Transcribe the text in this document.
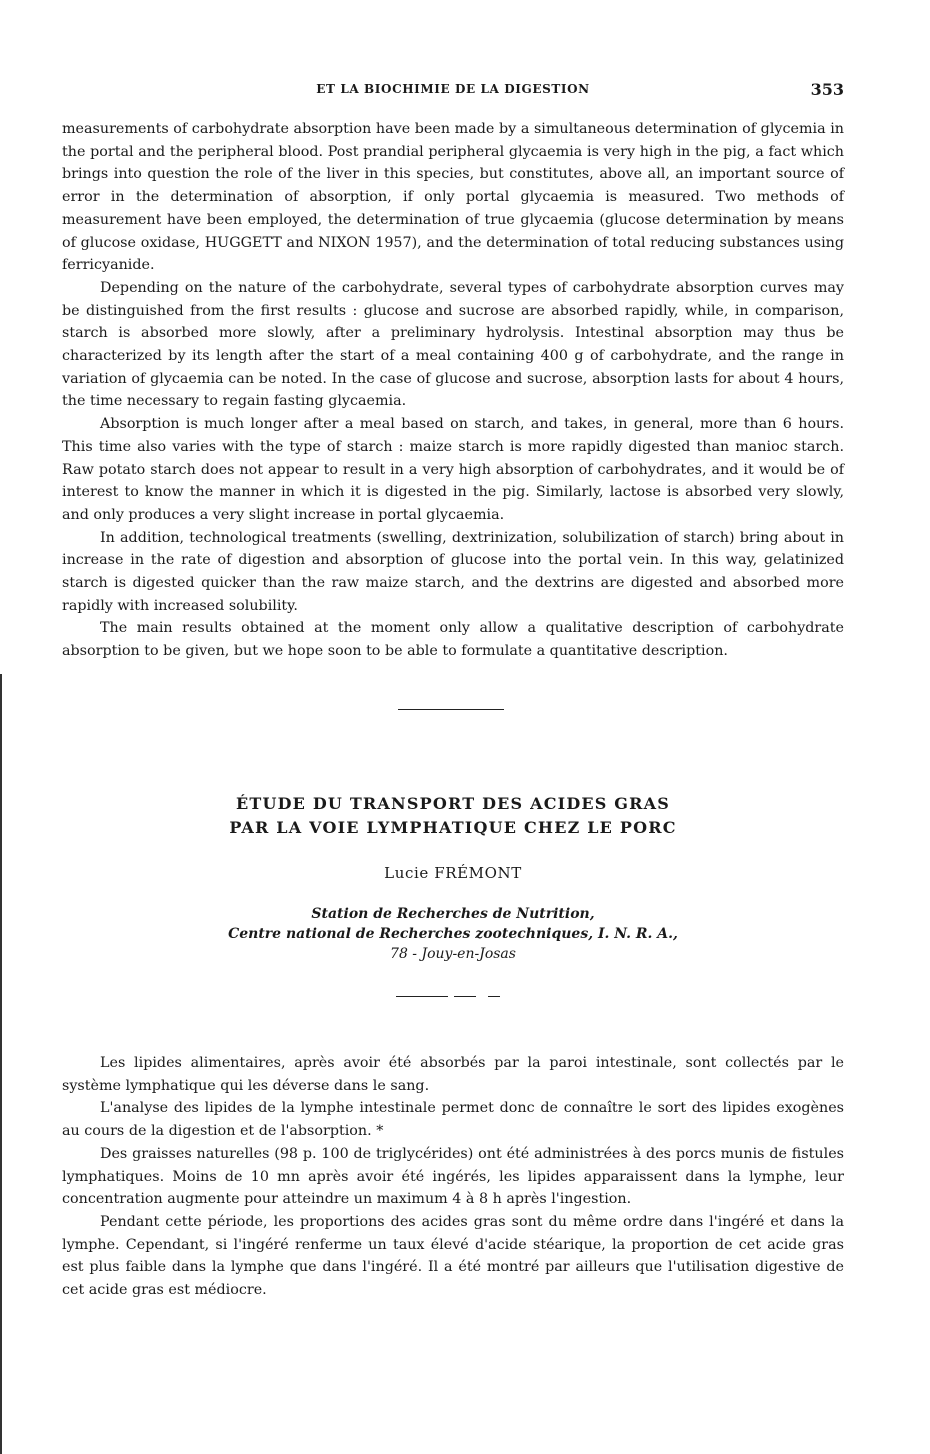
ET LA BIOCHIMIE DE LA DIGESTION	353

measurements of carbohydrate absorption have been made by a simultaneous determination of glycemia in the portal and the peripheral blood. Post prandial peripheral glycaemia is very high in the pig, a fact which brings into question the role of the liver in this species, but constitutes, above all, an important source of error in the determination of absorption, if only portal glycaemia is measured. Two methods of measurement have been employed, the determination of true glycaemia (glucose determination by means of glucose oxidase, HUGGETT and NIXON 1957), and the determination of total reducing substances using ferricyanide.

Depending on the nature of the carbohydrate, several types of carbohydrate absorption curves may be distinguished from the first results : glucose and sucrose are absorbed rapidly, while, in comparison, starch is absorbed more slowly, after a preliminary hydrolysis. Intestinal absorption may thus be characterized by its length after the start of a meal containing 400 g of carbohydrate, and the range in variation of glycaemia can be noted. In the case of glucose and sucrose, absorption lasts for about 4 hours, the time necessary to regain fasting glycaemia.

Absorption is much longer after a meal based on starch, and takes, in general, more than 6 hours. This time also varies with the type of starch : maize starch is more rapidly digested than manioc starch. Raw potato starch does not appear to result in a very high absorption of carbohydrates, and it would be of interest to know the manner in which it is digested in the pig. Similarly, lactose is absorbed very slowly, and only produces a very slight increase in portal glycaemia.

In addition, technological treatments (swelling, dextrinization, solubilization of starch) bring about in increase in the rate of digestion and absorption of glucose into the portal vein. In this way, gelatinized starch is digested quicker than the raw maize starch, and the dextrins are digested and absorbed more rapidly with increased solubility.

The main results obtained at the moment only allow a qualitative description of carbohydrate absorption to be given, but we hope soon to be able to formulate a quantitative description.

ÉTUDE DU TRANSPORT DES ACIDES GRAS
PAR LA VOIE LYMPHATIQUE CHEZ LE PORC
Lucie FRÉMONT
Station de Recherches de Nutrition,
Centre national de Recherches zootechniques, I. N. R. A.,
78 - Jouy-en-Josas

Les lipides alimentaires, après avoir été absorbés par la paroi intestinale, sont collectés par le système lymphatique qui les déverse dans le sang.

L'analyse des lipides de la lymphe intestinale permet donc de connaître le sort des lipides exogènes au cours de la digestion et de l'absorption. *

Des graisses naturelles (98 p. 100 de triglycérides) ont été administrées à des porcs munis de fistules lymphatiques. Moins de 10 mn après avoir été ingérés, les lipides apparaissent dans la lymphe, leur concentration augmente pour atteindre un maximum 4 à 8 h après l'ingestion.

Pendant cette période, les proportions des acides gras sont du même ordre dans l'ingéré et dans la lymphe. Cependant, si l'ingéré renferme un taux élevé d'acide stéarique, la proportion de cet acide gras est plus faible dans la lymphe que dans l'ingéré. Il a été montré par ailleurs que l'utilisation digestive de cet acide gras est médiocre.
